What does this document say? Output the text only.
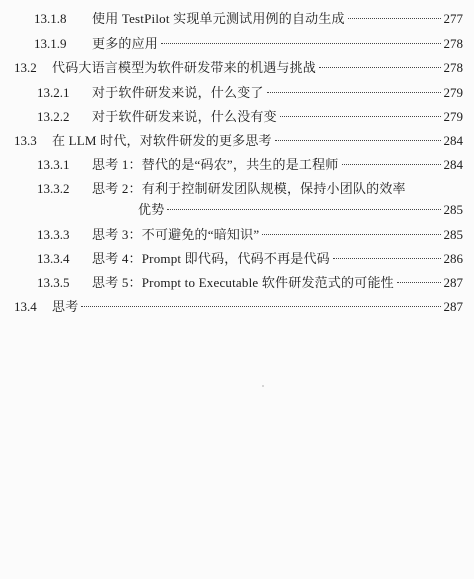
13.1.8 使用 TestPilot 实现单元测试用例的自动生成	277
13.1.9 更多的应用	278
13.2 代码大语言模型为软件研发带来的机遇与挑战	278
13.2.1 对于软件研发来说，什么变了	279
13.2.2 对于软件研发来说，什么没有变	279
13.3 在 LLM 时代，对软件研发的更多思考	284
13.3.1 思考 1：替代的是“码农”，共生的是工程师	284
13.3.2 思考 2：有利于控制研发团队规模，保持小团队的效率
优势	285
13.3.3 思考 3：不可避免的“暗知识”	285
13.3.4 思考 4：Prompt 即代码，代码不再是代码	286
13.3.5 思考 5：Prompt to Executable 软件研发范式的可能性	287
13.4 思考	287
